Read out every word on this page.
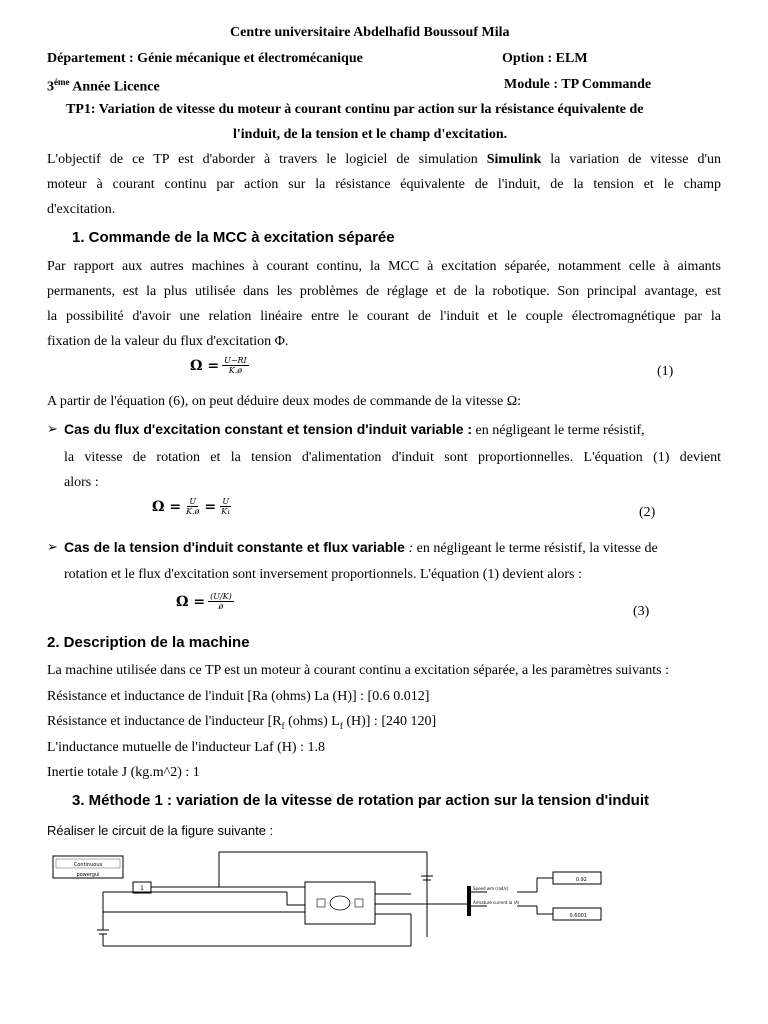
Centre universitaire Abdelhafid Boussouf Mila
Département : Génie mécanique et électromécanique	Option : ELM
$3^{éme}$ Année Licence	Module : TP Commande
TP1: Variation de vitesse du moteur à courant continu par action sur la résistance équivalente de
l'induit, de la tension et le champ d'excitation.
L'objectif de ce TP est d'aborder à travers le logiciel de simulation Simulink la variation de vitesse d'un
moteur à courant continu par action sur la résistance équivalente de l'induit, de la tension et le champ
d'excitation.
1. Commande de la MCC à excitation séparée
Par rapport aux autres machines à courant continu, la MCC à excitation séparée, notamment celle à aimants
permanents, est la plus utilisée dans les problèmes de réglage et de la robotique. Son principal avantage, est
la possibilité d'avoir une relation linéaire entre le courant de l'induit et le couple électromagnétique par la
fixation de la valeur du flux d'excitation Φ.
$\Omega = \frac{U-RI}{K.ø}$	(1)
A partir de l'équation (6), on peut déduire deux modes de commande de la vitesse Ω:
➢ Cas du flux d'excitation constant et tension d'induit variable : en négligeant le terme résistif,
la vitesse de rotation et la tension d'alimentation d'induit sont proportionnelles. L'équation (1) devient
alors :
$\Omega = \frac{U}{K.ø} = \frac{U}{\text{K₁}}$	(2)
➢ Cas de la tension d'induit constante et flux variable : en négligeant le terme résistif, la vitesse de
rotation et le flux d'excitation sont inversement proportionnels. L'équation (1) devient alors :
$\Omega = \frac{(U/K)}{ø}$
(3)
2. Description de la machine
La machine utilisée dans ce TP est un moteur à courant continu a excitation séparée, a les paramètres suivants :
Résistance et inductance de l'induit [Ra (ohms) La (H)] : [0.6 0.012]
Résistance et inductance de l'inducteur [$R_f$ (ohms) $L_f$ (H)] : [240 120]
L'inductance mutuelle de l'inducteur Laf (H) : 1.8
Inertie totale J (kg.m^2) : 1
3. Méthode 1 : variation de la vitesse de rotation par action sur la tension d'induit
Réaliser le circuit de la figure suivante :
Continuous
powergui
1	Speed wm (rad/s)
Armature current ia (A)
0.92
0.6001
